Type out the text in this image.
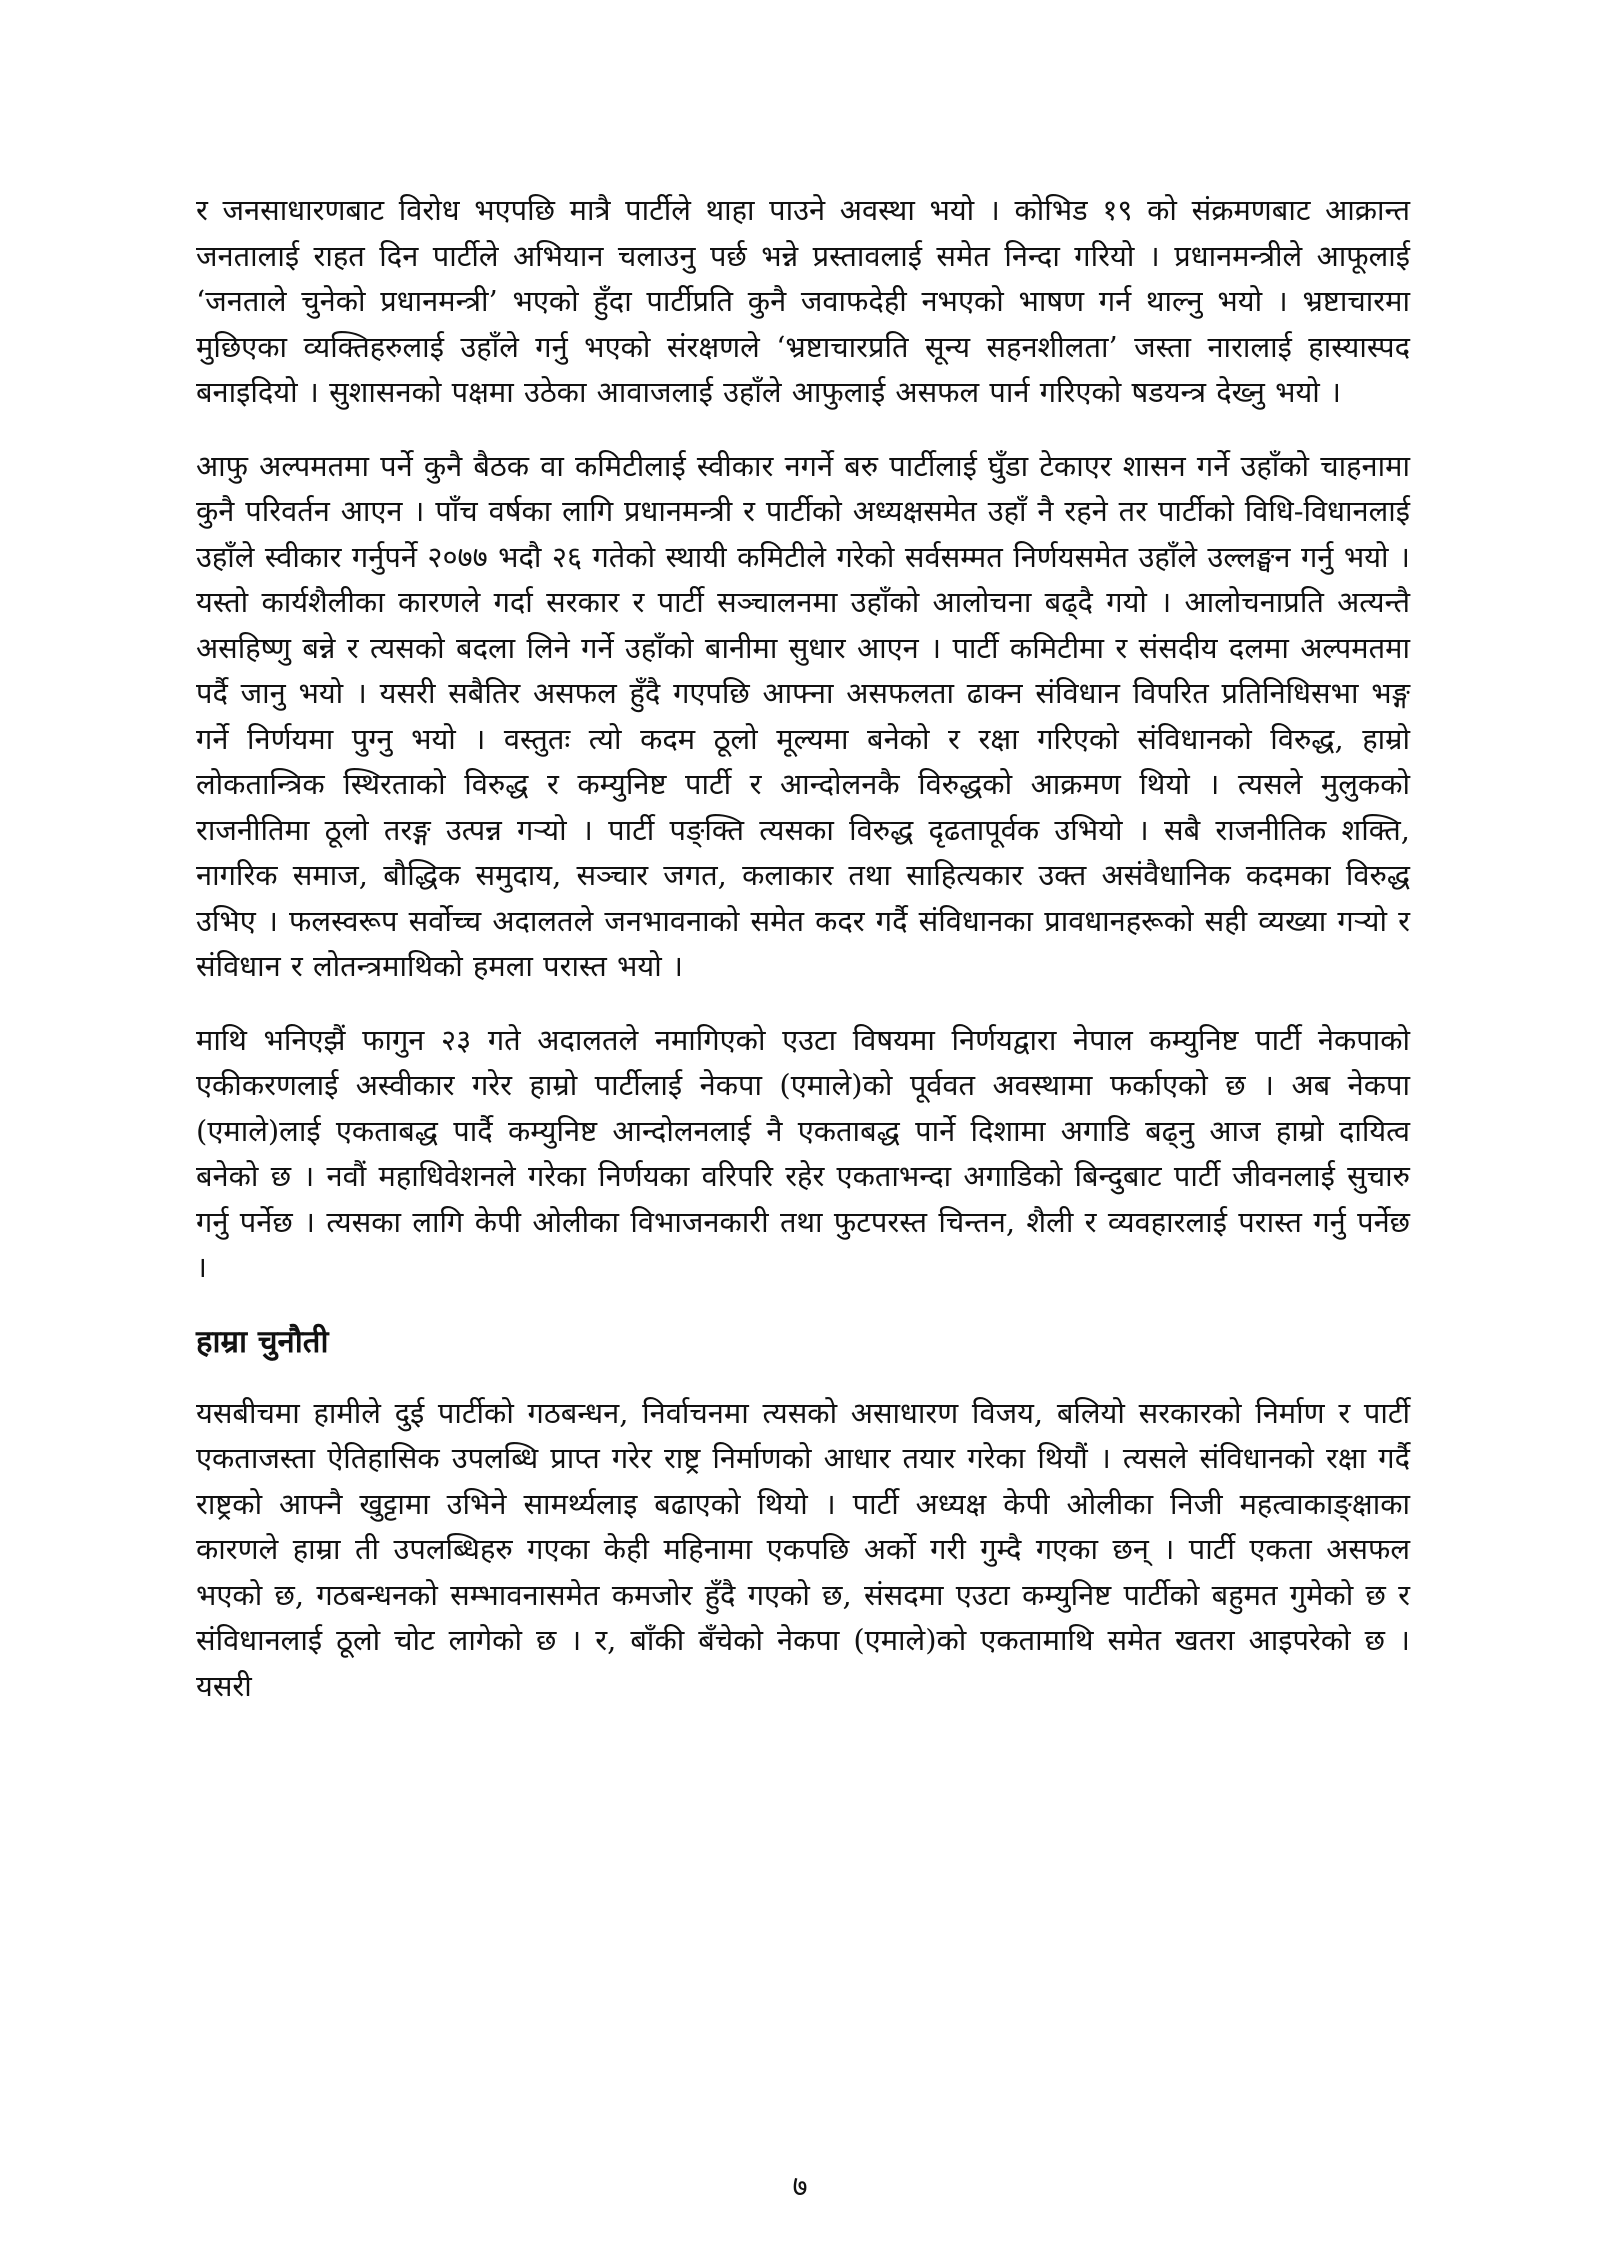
र जनसाधारणबाट विरोध भएपछि मात्रै पार्टीले थाहा पाउने अवस्था भयो । कोभिड १९ को संक्रमणबाट आक्रान्त जनतालाई राहत दिन पार्टीले अभियान चलाउनु पर्छ भन्ने प्रस्तावलाई समेत निन्दा गरियो । प्रधानमन्त्रीले आफूलाई ‘जनताले चुनेको प्रधानमन्त्री’ भएको हुँदा पार्टीप्रति कुनै जवाफदेही नभएको भाषण गर्न थाल्नु भयो । भ्रष्टाचारमा मुछिएका व्यक्तिहरुलाई उहाँले गर्नु भएको संरक्षणले ‘भ्रष्टाचारप्रति सून्य सहनशीलता’ जस्ता नारालाई हास्यास्पद बनाइदियो । सुशासनको पक्षमा उठेका आवाजलाई उहाँले आफुलाई असफल पार्न गरिएको षडयन्त्र देख्नु भयो ।

आफु अल्पमतमा पर्ने कुनै बैठक वा कमिटीलाई स्वीकार नगर्ने बरु पार्टीलाई घुँडा टेकाएर शासन गर्ने उहाँको चाहनामा कुनै परिवर्तन आएन । पाँच वर्षका लागि प्रधानमन्त्री र पार्टीको अध्यक्षसमेत उहाँ नै रहने तर पार्टीको विधि-विधानलाई उहाँले स्वीकार गर्नुपर्ने २०७७ भदौ २६ गतेको स्थायी कमिटीले गरेको सर्वसम्मत निर्णयसमेत उहाँले उल्लङ्घन गर्नु भयो । यस्तो कार्यशैलीका कारणले गर्दा सरकार र पार्टी सञ्चालनमा उहाँको आलोचना बढ्दै गयो । आलोचनाप्रति अत्यन्तै असहिष्णु बन्ने र त्यसको बदला लिने गर्ने उहाँको बानीमा सुधार आएन । पार्टी कमिटीमा र संसदीय दलमा अल्पमतमा पर्दै जानु भयो । यसरी सबैतिर असफल हुँदै गएपछि आफ्ना असफलता ढाक्न संविधान विपरित प्रतिनिधिसभा भङ्ग गर्ने निर्णयमा पुग्नु भयो । वस्तुतः त्यो कदम ठूलो मूल्यमा बनेको र रक्षा गरिएको संविधानको विरुद्ध, हाम्रो लोकतान्त्रिक स्थिरताको विरुद्ध र कम्युनिष्ट पार्टी र आन्दोलनकै विरुद्धको आक्रमण थियो । त्यसले मुलुकको राजनीतिमा ठूलो तरङ्ग उत्पन्न गऱ्यो । पार्टी पङ्क्ति त्यसका विरुद्ध दृढतापूर्वक उभियो । सबै राजनीतिक शक्ति, नागरिक समाज, बौद्धिक समुदाय, सञ्चार जगत, कलाकार तथा साहित्यकार उक्त असंवैधानिक कदमका विरुद्ध उभिए । फलस्वरूप सर्वोच्च अदालतले जनभावनाको समेत कदर गर्दै संविधानका प्रावधानहरूको सही व्यख्या गऱ्यो र संविधान र लोतन्त्रमाथिको हमला परास्त भयो ।

माथि भनिएझैं फागुन २३ गते अदालतले नमागिएको एउटा विषयमा निर्णयद्वारा नेपाल कम्युनिष्ट पार्टी नेकपाको एकीकरणलाई अस्वीकार गरेर हाम्रो पार्टीलाई नेकपा (एमाले)को पूर्ववत अवस्थामा फर्काएको छ । अब नेकपा (एमाले)लाई एकताबद्ध पार्दै कम्युनिष्ट आन्दोलनलाई नै एकताबद्ध पार्ने दिशामा अगाडि बढ्नु आज हाम्रो दायित्व बनेको छ । नवौं महाधिवेशनले गरेका निर्णयका वरिपरि रहेर एकताभन्दा अगाडिको बिन्दुबाट पार्टी जीवनलाई सुचारु गर्नु पर्नेछ । त्यसका लागि केपी ओलीका विभाजनकारी तथा फुटपरस्त चिन्तन, शैली र व्यवहारलाई परास्त गर्नु पर्नेछ ।

हाम्रा चुनौती

यसबीचमा हामीले दुई पार्टीको गठबन्धन, निर्वाचनमा त्यसको असाधारण विजय, बलियो सरकारको निर्माण र पार्टी एकताजस्ता ऐतिहासिक उपलब्धि प्राप्त गरेर राष्ट्र निर्माणको आधार तयार गरेका थियौं । त्यसले संविधानको रक्षा गर्दै राष्ट्रको आफ्नै खुट्टामा उभिने सामर्थ्यलाइ बढाएको थियो । पार्टी अध्यक्ष केपी ओलीका निजी महत्वाकाङ्क्षाका कारणले हाम्रा ती उपलब्धिहरु गएका केही महिनामा एकपछि अर्को गरी गुम्दै गएका छन् । पार्टी एकता असफल भएको छ, गठबन्धनको सम्भावनासमेत कमजोर हुँदै गएको छ, संसदमा एउटा कम्युनिष्ट पार्टीको बहुमत गुमेको छ र संविधानलाई ठूलो चोट लागेको छ । र, बाँकी बँचेको नेकपा (एमाले)को एकतामाथि समेत खतरा आइपरेको छ । यसरी

७
